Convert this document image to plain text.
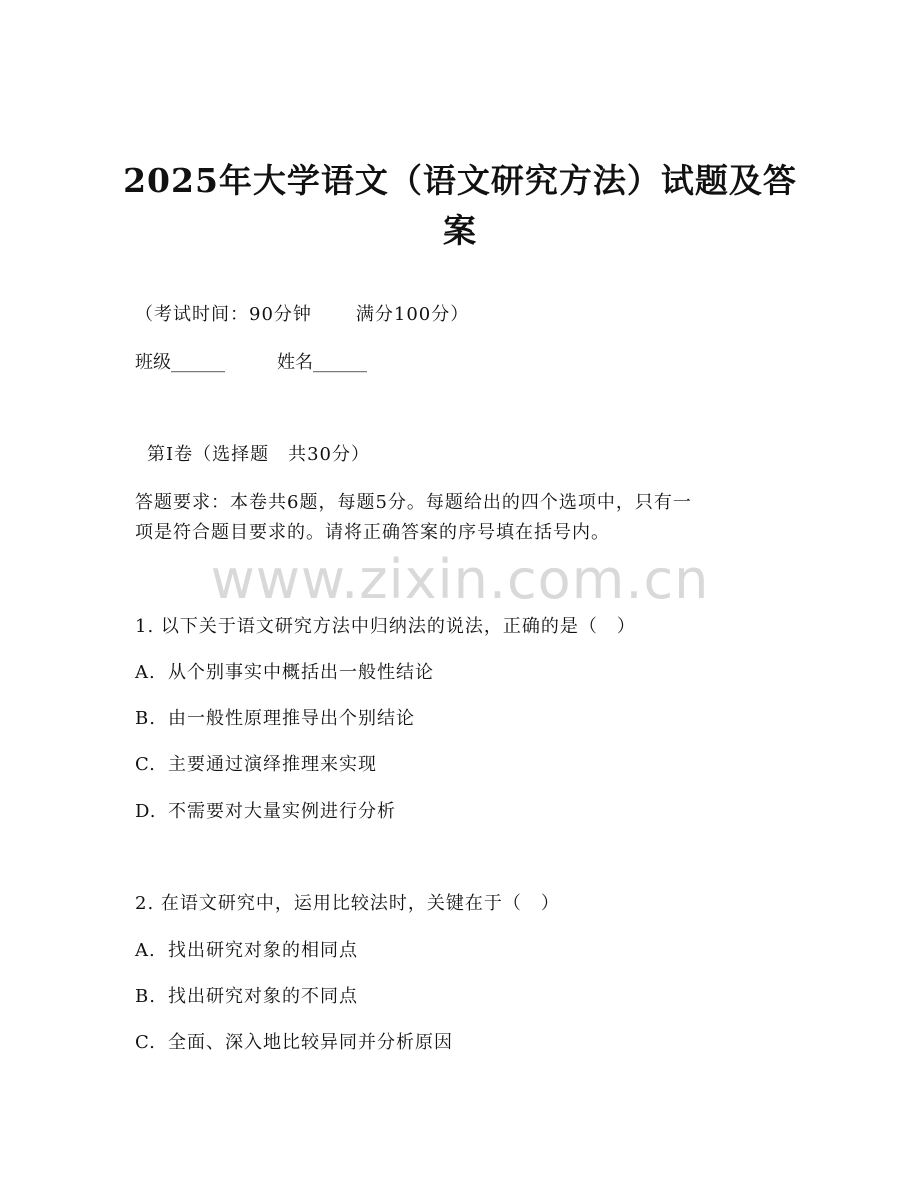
2025年大学语文（语文研究方法）试题及答
案

（考试时间：90分钟 满分100分）

班级______	姓名______

第Ⅰ卷（选择题　共30分）

答题要求：本卷共6题，每题5分。每题给出的四个选项中，只有一

项是符合题目要求的。请将正确答案的序号填在括号内。

www.zixin.com.cn

1. 以下关于语文研究方法中归纳法的说法，正确的是（　）

A. 从个别事实中概括出一般性结论

B. 由一般性原理推导出个别结论

C. 主要通过演绎推理来实现

D. 不需要对大量实例进行分析

2. 在语文研究中，运用比较法时，关键在于（　）

A. 找出研究对象的相同点

B. 找出研究对象的不同点

C. 全面、深入地比较异同并分析原因
